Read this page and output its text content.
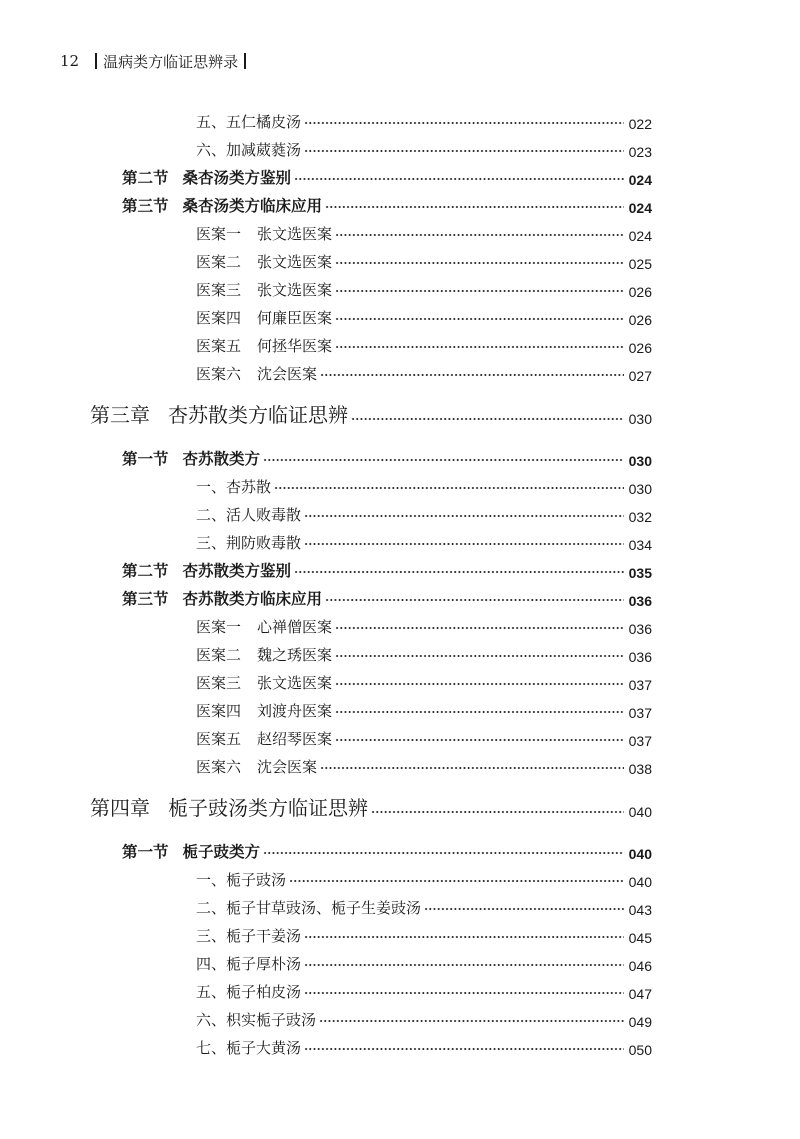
12 温病类方临证思辨录
五、五仁橘皮汤	022
六、加减葳蕤汤	023
第二节 桑杏汤类方鉴别	024
第三节 桑杏汤类方临床应用	024
医案一 张文选医案	024
医案二 张文选医案	025
医案三 张文选医案	026
医案四 何廉臣医案	026
医案五 何拯华医案	026
医案六 沈会医案	027
第三章 杏苏散类方临证思辨	030
第一节 杏苏散类方	030
一、杏苏散	030
二、活人败毒散	032
三、荆防败毒散	034
第二节 杏苏散类方鉴别	035
第三节 杏苏散类方临床应用	036
医案一 心禅僧医案	036
医案二 魏之琇医案	036
医案三 张文选医案	037
医案四 刘渡舟医案	037
医案五 赵绍琴医案	037
医案六 沈会医案	038
第四章 栀子豉汤类方临证思辨	040
第一节 栀子豉类方	040
一、栀子豉汤	040
二、栀子甘草豉汤、栀子生姜豉汤	043
三、栀子干姜汤	045
四、栀子厚朴汤	046
五、栀子柏皮汤	047
六、枳实栀子豉汤	049
七、栀子大黄汤	050
